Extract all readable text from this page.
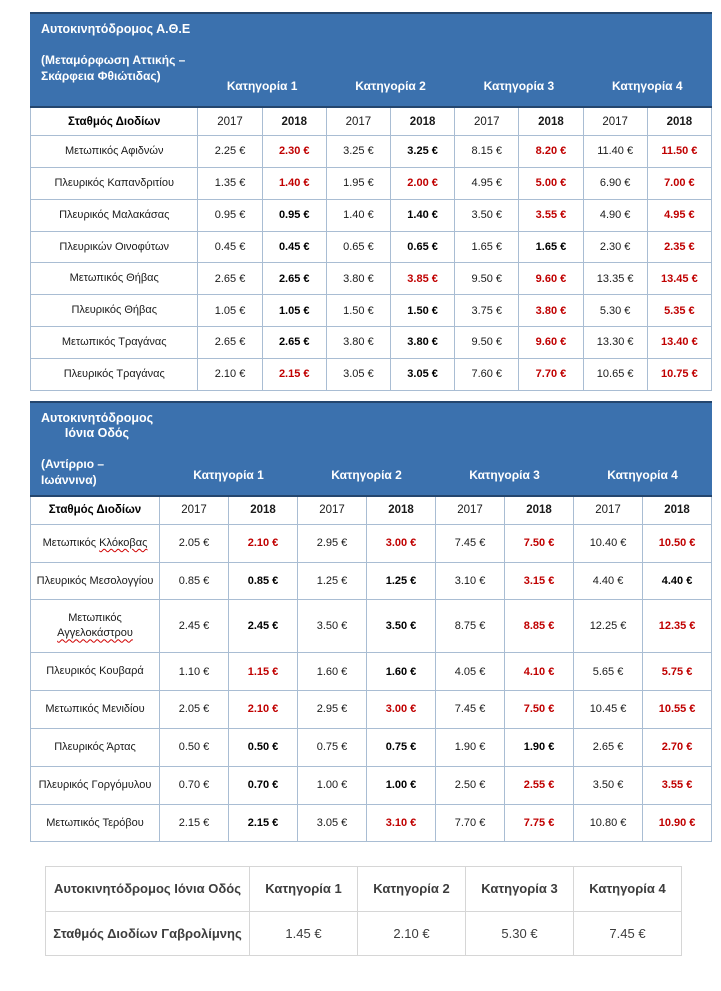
Αυτοκινητόδρομος Α.Θ.Ε
(Μεταμόρφωση Αττικής – Σκάρφεια Φθιώτιδας)	Κατηγορία 1		Κατηγορία 2		Κατηγορία 3		Κατηγορία 4	
Σταθμός Διοδίων	2017	2018	2017	2018	2017	2018	2017	2018
Μετωπικός Αφιδνών	2.25 €	2.30 €	3.25 €	3.25 €	8.15 €	8.20 €	11.40 €	11.50 €
Πλευρικός Καπανδριτίου	1.35 €	1.40 €	1.95 €	2.00 €	4.95 €	5.00 €	6.90 €	7.00 €
Πλευρικός Μαλακάσας	0.95 €	0.95 €	1.40 €	1.40 €	3.50 €	3.55 €	4.90 €	4.95 €
Πλευρικών Οινοφύτων	0.45 €	0.45 €	0.65 €	0.65 €	1.65 €	1.65 €	2.30 €	2.35 €
Μετωπικός Θήβας	2.65 €	2.65 €	3.80 €	3.85 €	9.50 €	9.60 €	13.35 €	13.45 €
Πλευρικός Θήβας	1.05 €	1.05 €	1.50 €	1.50 €	3.75 €	3.80 €	5.30 €	5.35 €
Μετωπικός Τραγάνας	2.65 €	2.65 €	3.80 €	3.80 €	9.50 €	9.60 €	13.30 €	13.40 €
Πλευρικός Τραγάνας	2.10 €	2.15 €	3.05 €	3.05 €	7.60 €	7.70 €	10.65 €	10.75 €
Αυτοκινητόδρομος Ιόνια Οδός
(Αντίρριο – Ιωάννινα)	Κατηγορία 1		Κατηγορία 2		Κατηγορία 3		Κατηγορία 4	
Σταθμός Διοδίων	2017	2018	2017	2018	2017	2018	2017	2018
Μετωπικός Κλόκοβας	2.05 €	2.10 €	2.95 €	3.00 €	7.45 €	7.50 €	10.40 €	10.50 €
Πλευρικός Μεσολογγίου	0.85 €	0.85 €	1.25 €	1.25 €	3.10 €	3.15 €	4.40 €	4.40 €
Μετωπικός Αγγελοκάστρου	2.45 €	2.45 €	3.50 €	3.50 €	8.75 €	8.85 €	12.25 €	12.35 €
Πλευρικός Κουβαρά	1.10 €	1.15 €	1.60 €	1.60 €	4.05 €	4.10 €	5.65 €	5.75 €
Μετωπικός Μενιδίου	2.05 €	2.10 €	2.95 €	3.00 €	7.45 €	7.50 €	10.45 €	10.55 €
Πλευρικός Άρτας	0.50 €	0.50 €	0.75 €	0.75 €	1.90 €	1.90 €	2.65 €	2.70 €
Πλευρικός Γοργόμυλου	0.70 €	0.70 €	1.00 €	1.00 €	2.50 €	2.55 €	3.50 €	3.55 €
Μετωπικός Τερόβου	2.15 €	2.15 €	3.05 €	3.10 €	7.70 €	7.75 €	10.80 €	10.90 €
Αυτοκινητόδρομος Ιόνια Οδός	Κατηγορία 1	Κατηγορία 2	Κατηγορία 3	Κατηγορία 4
Σταθμός Διοδίων Γαβρολίμνης	1.45 €	2.10 €	5.30 €	7.45 €
